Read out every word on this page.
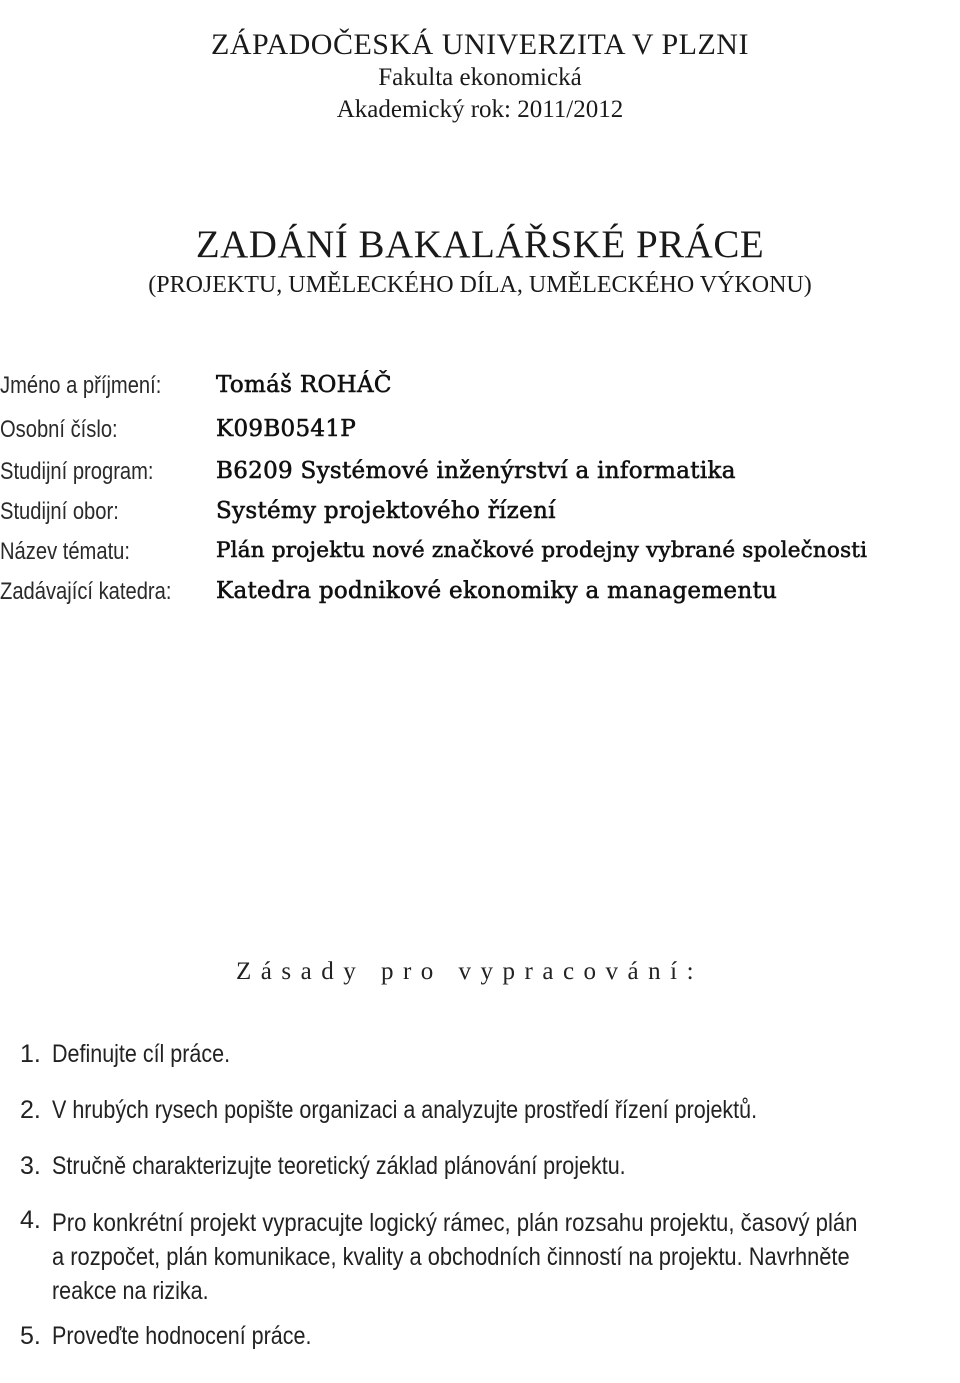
ZÁPADOČESKÁ UNIVERZITA V PLZNI
Fakulta ekonomická
Akademický rok: 2011/2012
ZADÁNÍ BAKALÁŘSKÉ PRÁCE
(PROJEKTU, UMĚLECKÉHO DÍLA, UMĚLECKÉHO VÝKONU)
Jméno a příjmení: Tomáš ROHÁČ
Osobní číslo:	K09B0541P
Studijní program:	B6209 Systémové inženýrství a informatika
Studijní obor:	Systémy projektového řízení
Název tématu:	Plán projektu nové značkové prodejny vybrané společnosti
Zadávající katedra: Katedra podnikové ekonomiky a managementu
Zásady pro vypracování:
1. Definujte cíl práce.
2. V hrubých rysech popište organizaci a analyzujte prostředí řízení projektů.
3. Stručně charakterizujte teoretický základ plánování projektu.
4. Pro konkrétní projekt vypracujte logický rámec, plán rozsahu projektu, časový plán
a rozpočet, plán komunikace, kvality a obchodních činností na projektu. Navrhněte
reakce na rizika.
5. Proveďte hodnocení práce.
